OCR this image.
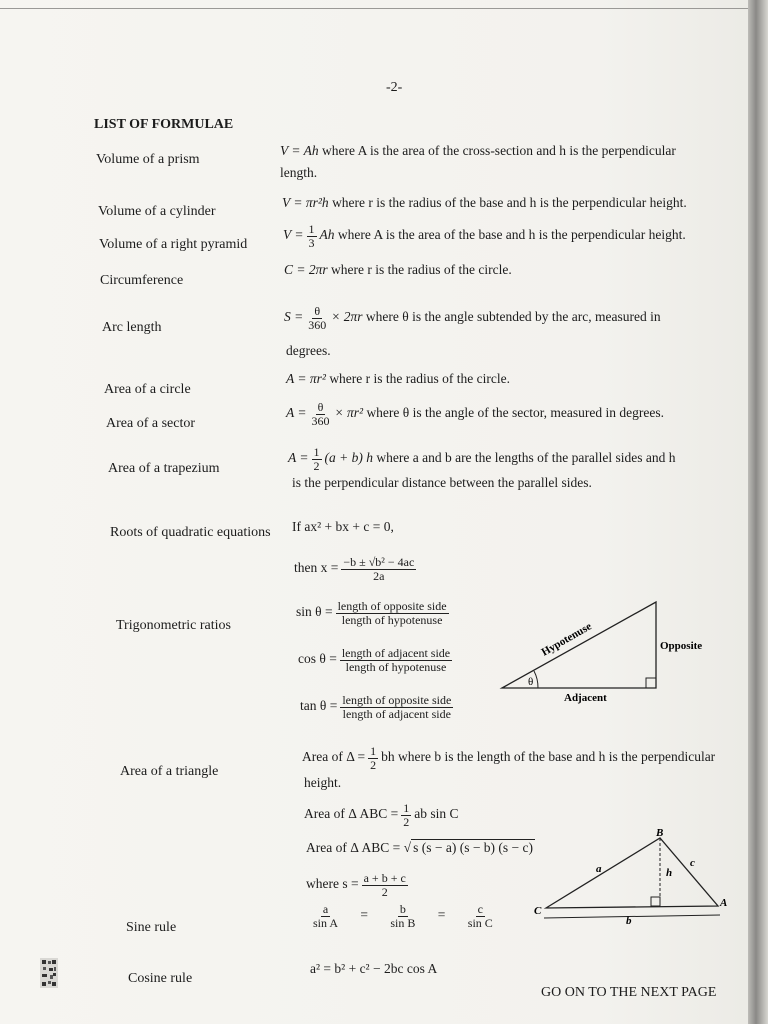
-2-
LIST OF FORMULAE
Volume of a prism
V = Ah where A is the area of the cross-section and h is the perpendicular
length.
Volume of a cylinder
V = πr²h where r is the radius of the base and h is the perpendicular height.
Volume of a right pyramid
$V = \frac{1}{3}$ Ah where A is the area of the base and h is the perpendicular height.
Circumference
C = 2πr where r is the radius of the circle.
Arc length
$S = \frac{\theta}{360} \times 2\pi r$ where θ is the angle subtended by the arc, measured in
degrees.
Area of a circle
A = πr² where r is the radius of the circle.
Area of a sector
$A = \frac{\theta}{360} \times \pi r^2$ where θ is the angle of the sector, measured in degrees.
Area of a trapezium
$A = \frac{1}{2} (a + b)$ h where a and b are the lengths of the parallel sides and h
is the perpendicular distance between the parallel sides.
Roots of quadratic equations If ax² + bx + c = 0,
then $x = \frac{\text{−b ± √b² − 4ac}}{2a}$
Trigonometric ratios
$\sin \theta = \frac{\text{length of opposite side}}{\text{length of hypotenuse}}$
$\cos \theta = \frac{\text{length of adjacent side}}{\text{length of hypotenuse}}$
$\tan \theta = \frac{\text{length of opposite side}}{\text{length of adjacent side}}$
θ
Hypotenuse	Opposite
Adjacent
Area of a triangle
Area of $\Delta = \frac{1}{2}$ bh where b is the length of the base and h is the perpendicular
height.
Area of Δ ABC = $\frac{1}{2}$ ab sin C
Area of Δ ABC = √ s (s − a) (s − b) (s − c)
where $s = \frac{a + b + c}{2}$
B
C
A
a	c
b
h
Sine rule	$\frac{a}{\text{sin A}} = \frac{b}{\text{sin B}} = \frac{c}{\text{sin C}}$
Cosine rule
a² = b² + c² − 2bc cos A
GO ON TO THE NEXT PAGE
